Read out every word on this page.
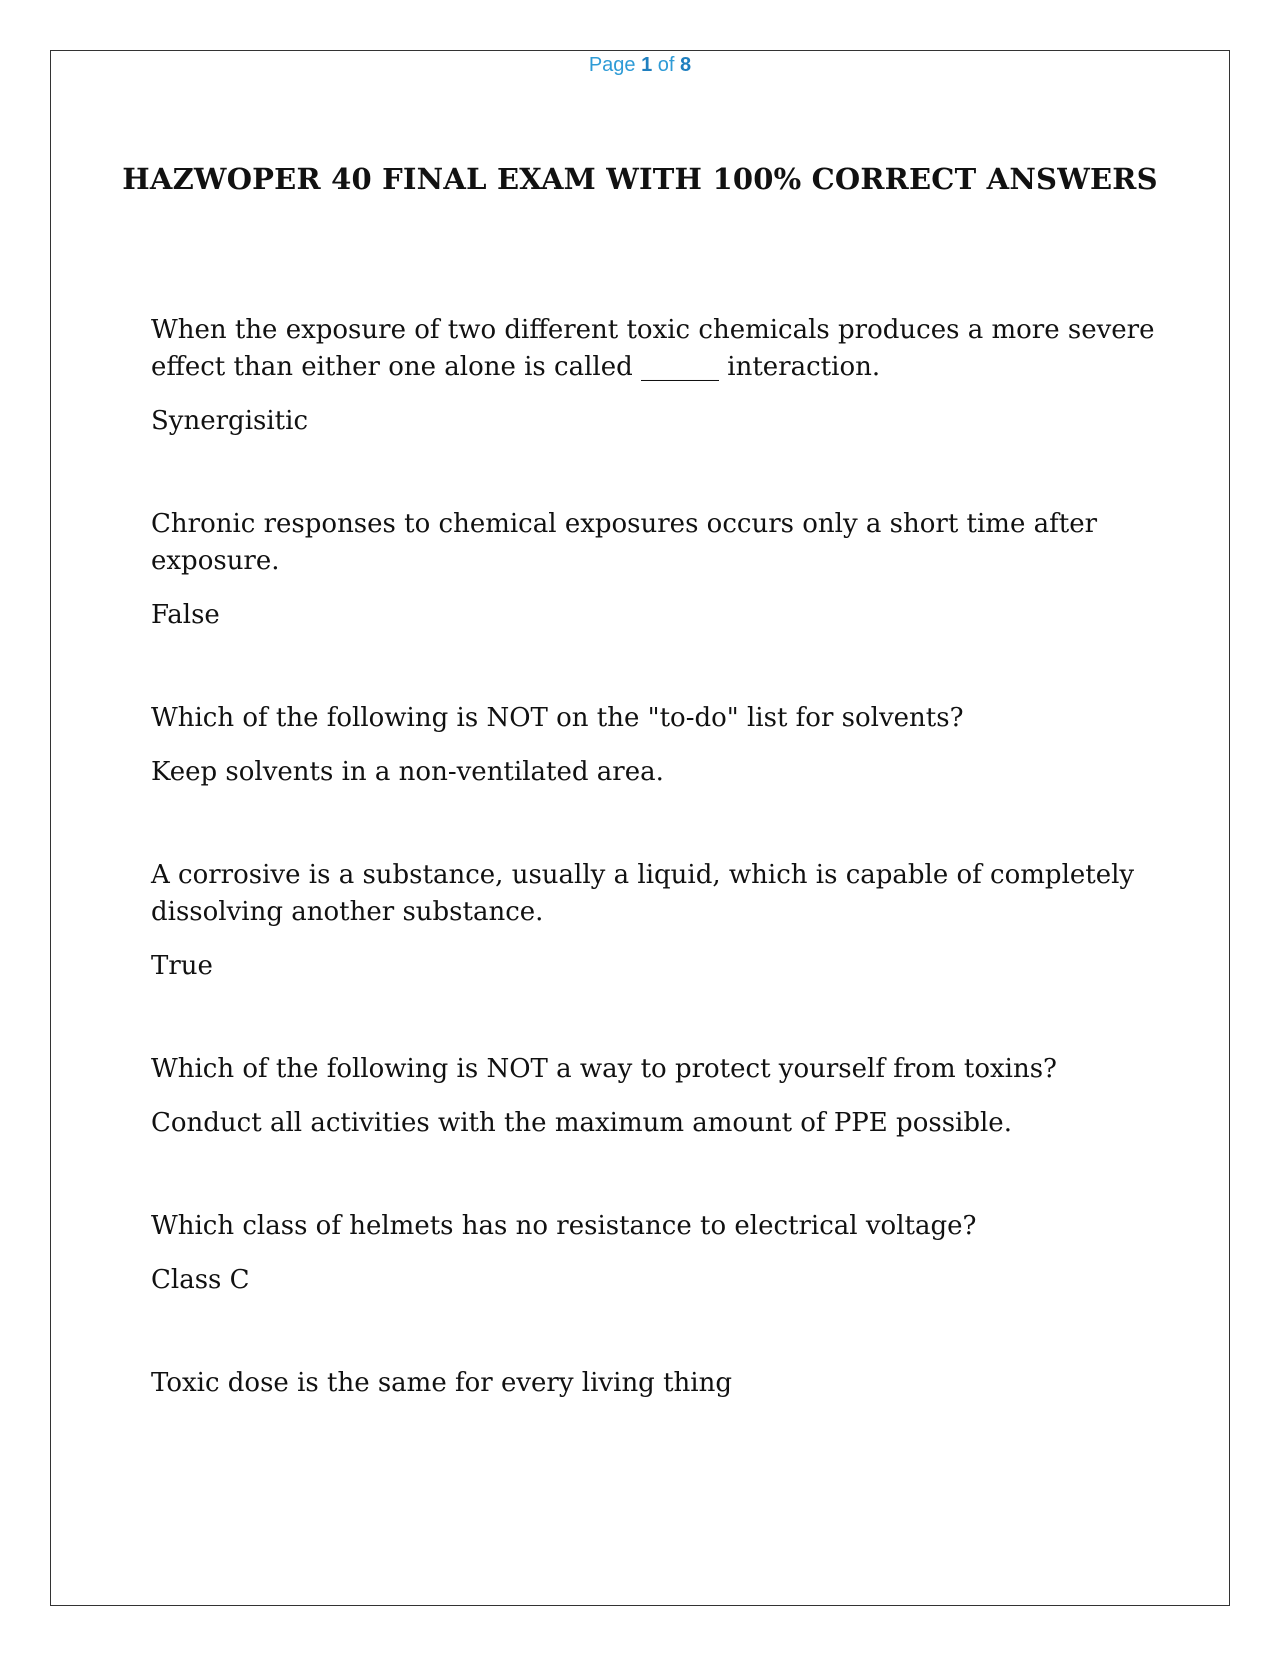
Page 1 of 8
HAZWOPER 40 FINAL EXAM WITH 100% CORRECT ANSWERS

When the exposure of two different toxic chemicals produces a more severe effect than either one alone is called ______ interaction.

Synergisitic

Chronic responses to chemical exposures occurs only a short time after exposure.

False

Which of the following is NOT on the "to-do" list for solvents?

Keep solvents in a non-ventilated area.

A corrosive is a substance, usually a liquid, which is capable of completely dissolving another substance.

True

Which of the following is NOT a way to protect yourself from toxins?

Conduct all activities with the maximum amount of PPE possible.

Which class of helmets has no resistance to electrical voltage?

Class C

Toxic dose is the same for every living thing
